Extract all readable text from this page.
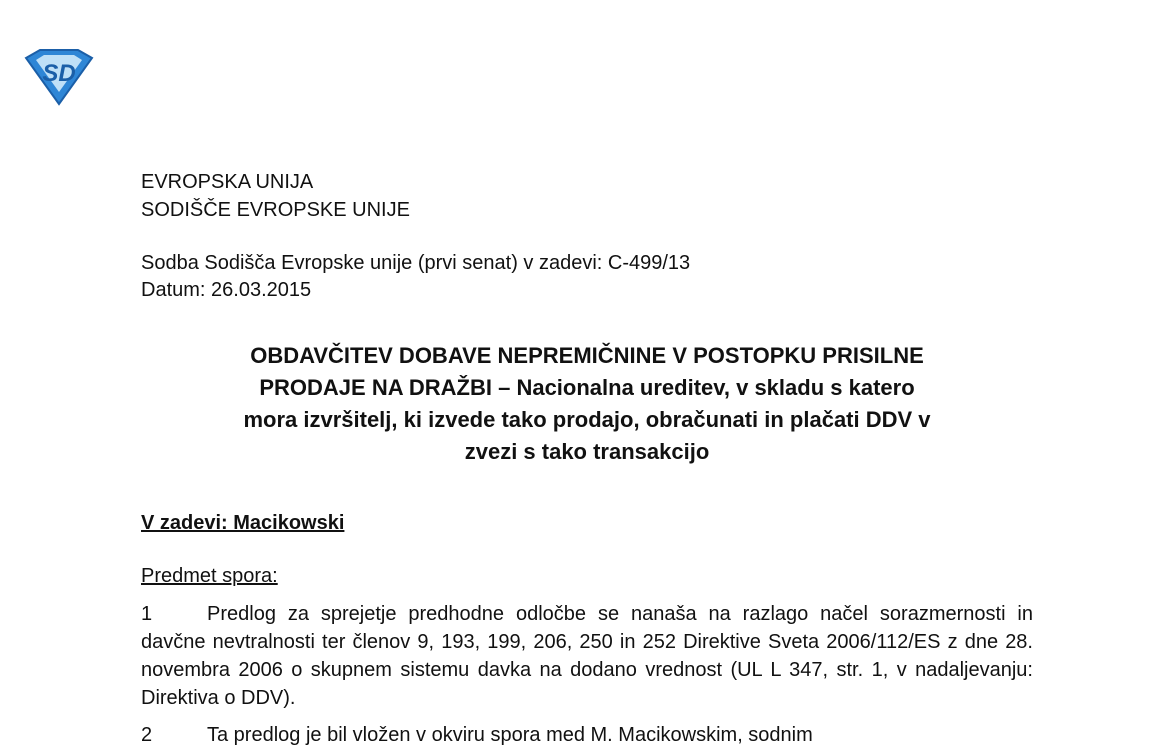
SD
EVROPSKA UNIJA
SODIŠČE EVROPSKE UNIJE
Sodba Sodišča Evropske unije (prvi senat) v zadevi: C-499/13
Datum: 26.03.2015
OBDAVČITEV DOBAVE NEPREMIČNINE V POSTOPKU PRISILNE
PRODAJE NA DRAŽBI – Nacionalna ureditev, v skladu s katero
mora izvršitelj, ki izvede tako prodajo, obračunati in plačati DDV v
zvezi s tako transakcijo
V zadevi: Macikowski
Predmet spora:
1	Predlog za sprejetje predhodne odločbe se nanaša na razlago načel sorazmernosti in davčne nevtralnosti ter členov 9, 193, 199, 206, 250 in 252 Direktive Sveta 2006/112/ES z dne 28. novembra 2006 o skupnem sistemu davka na dodano vrednost (UL L 347, str. 1, v nadaljevanju: Direktiva o DDV).
2	Ta predlog je bil vložen v okviru spora med M. Macikowskim, sodnim
